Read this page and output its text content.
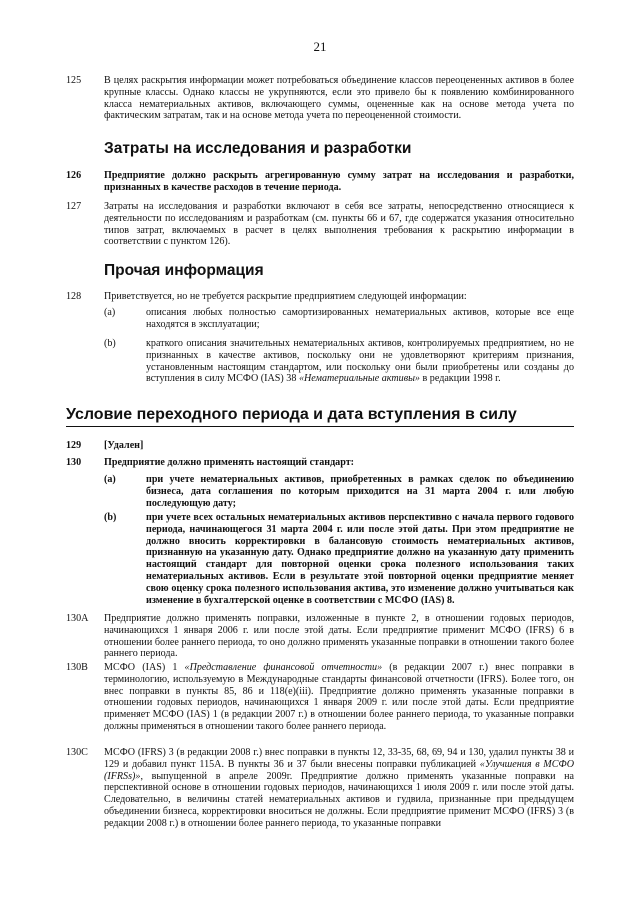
21
125 В целях раскрытия информации может потребоваться объединение классов переоцененных активов в более крупные классы. Однако классы не укрупняются, если это привело бы к появлению комбинированного класса нематериальных активов, включающего суммы, оцененные как на основе метода учета по фактическим затратам, так и на основе метода учета по переоцененной стоимости.
Затраты на исследования и разработки
126 Предприятие должно раскрыть агрегированную сумму затрат на исследования и разработки, признанных в качестве расходов в течение периода.
127 Затраты на исследования и разработки включают в себя все затраты, непосредственно относящиеся к деятельности по исследованиям и разработкам (см. пункты 66 и 67, где содержатся указания относительно типов затрат, включаемых в расчет в целях выполнения требования к раскрытию информации в соответствии с пунктом 126).
Прочая информация
128 Приветствуется, но не требуется раскрытие предприятием следующей информации:
(a)	описания любых полностью самортизированных нематериальных активов, которые все еще находятся в эксплуатации;
(b)	краткого описания значительных нематериальных активов, контролируемых предприятием, но не признанных в качестве активов, поскольку они не удовлетворяют критериям признания, установленным настоящим стандартом, или поскольку они были приобретены или созданы до вступления в силу МСФО (IAS) 38 «Нематериальные активы» в редакции 1998 г.
Условие переходного периода и дата вступления в силу
129 [Удален]
130 Предприятие должно применять настоящий стандарт:
(a)	при учете нематериальных активов, приобретенных в рамках сделок по объединению бизнеса, дата соглашения по которым приходится на 31 марта 2004 г. или любую последующую дату;
(b)	при учете всех остальных нематериальных активов перспективно с начала первого годового периода, начинающегося 31 марта 2004 г. или после этой даты. При этом предприятие не должно вносить корректировки в балансовую стоимость нематериальных активов, признанную на указанную дату. Однако предприятие должно на указанную дату применить настоящий стандарт для повторной оценки срока полезного использования таких нематериальных активов. Если в результате этой повторной оценки предприятие меняет свою оценку срока полезного использования актива, это изменение должно учитываться как изменение в бухгалтерской оценке в соответствии с МСФО (IAS) 8.
130A Предприятие должно применять поправки, изложенные в пункте 2, в отношении годовых периодов, начинающихся 1 января 2006 г. или после этой даты. Если предприятие применит МСФО (IFRS) 6 в отношении более раннего периода, то оно должно применять указанные поправки в отношении такого более раннего периода.
130B МСФО (IAS) 1 «Представление финансовой отчетности» (в редакции 2007 г.) внес поправки в терминологию, используемую в Международные стандарты финансовой отчетности (IFRS). Более того, он внес поправки в пункты 85, 86 и 118(e)(iii). Предприятие должно применять указанные поправки в отношении годовых периодов, начинающихся 1 января 2009 г. или после этой даты. Если предприятие применяет МСФО (IAS) 1 (в редакции 2007 г.) в отношении более раннего периода, то указанные поправки должны применяться в отношении такого более раннего периода.
130C МСФО (IFRS) 3 (в редакции 2008 г.) внес поправки в пункты 12, 33-35, 68, 69, 94 и 130, удалил пункты 38 и 129 и добавил пункт 115A. В пункты 36 и 37 были внесены поправки публикацией «Улучшения в МСФО (IFRSs)», выпущенной в апреле 2009г. Предприятие должно применять указанные поправки на перспективной основе в отношении годовых периодов, начинающихся 1 июля 2009 г. или после этой даты. Следовательно, в величины статей нематериальных активов и гудвила, признанные при предыдущем объединении бизнеса, корректировки вноситься не должны. Если предприятие применит МСФО (IFRS) 3 (в редакции 2008 г.) в отношении более раннего периода, то указанные поправки
